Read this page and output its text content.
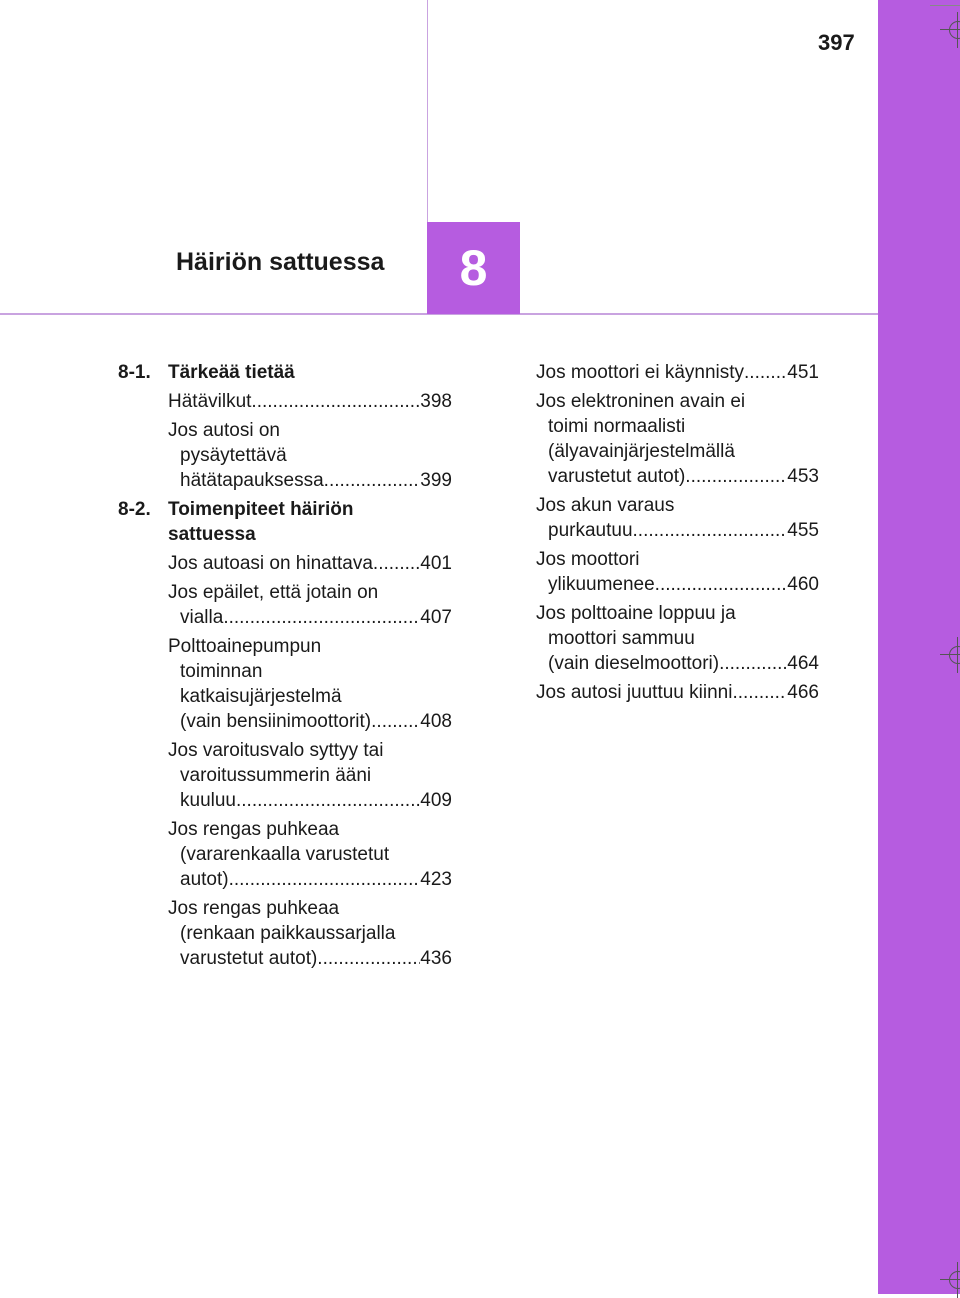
397
Häiriön sattuessa 8
8-1. Tärkeää tietää
Hätävilkut .....	398
Jos autosi on
pysäytettävä
hätätapauksessa .....	399
8-2. Toimenpiteet häiriön
sattuessa
Jos autoasi on hinattava ..... 401
Jos epäilet, että jotain on
vialla .....	407
Polttoainepumpun
toiminnan
katkaisujärjestelmä
(vain bensiinimoottorit) .....	408
Jos varoitusvalo syttyy tai
varoitussummerin ääni
kuuluu .....	409
Jos rengas puhkeaa
(vararenkaalla varustetut
autot) .....	423
Jos rengas puhkeaa
(renkaan paikkaussarjalla
varustetut autot) .....	436
Jos moottori ei käynnisty ..... 451
Jos elektroninen avain ei
toimi normaalisti
(älyavainjärjestelmällä
varustetut autot) .....	453
Jos akun varaus
purkautuu .....	455
Jos moottori
ylikuumenee .....	460
Jos polttoaine loppuu ja
moottori sammuu
(vain dieselmoottori) .....	464
Jos autosi juuttuu kiinni .....	466
carmanualsonline.info
